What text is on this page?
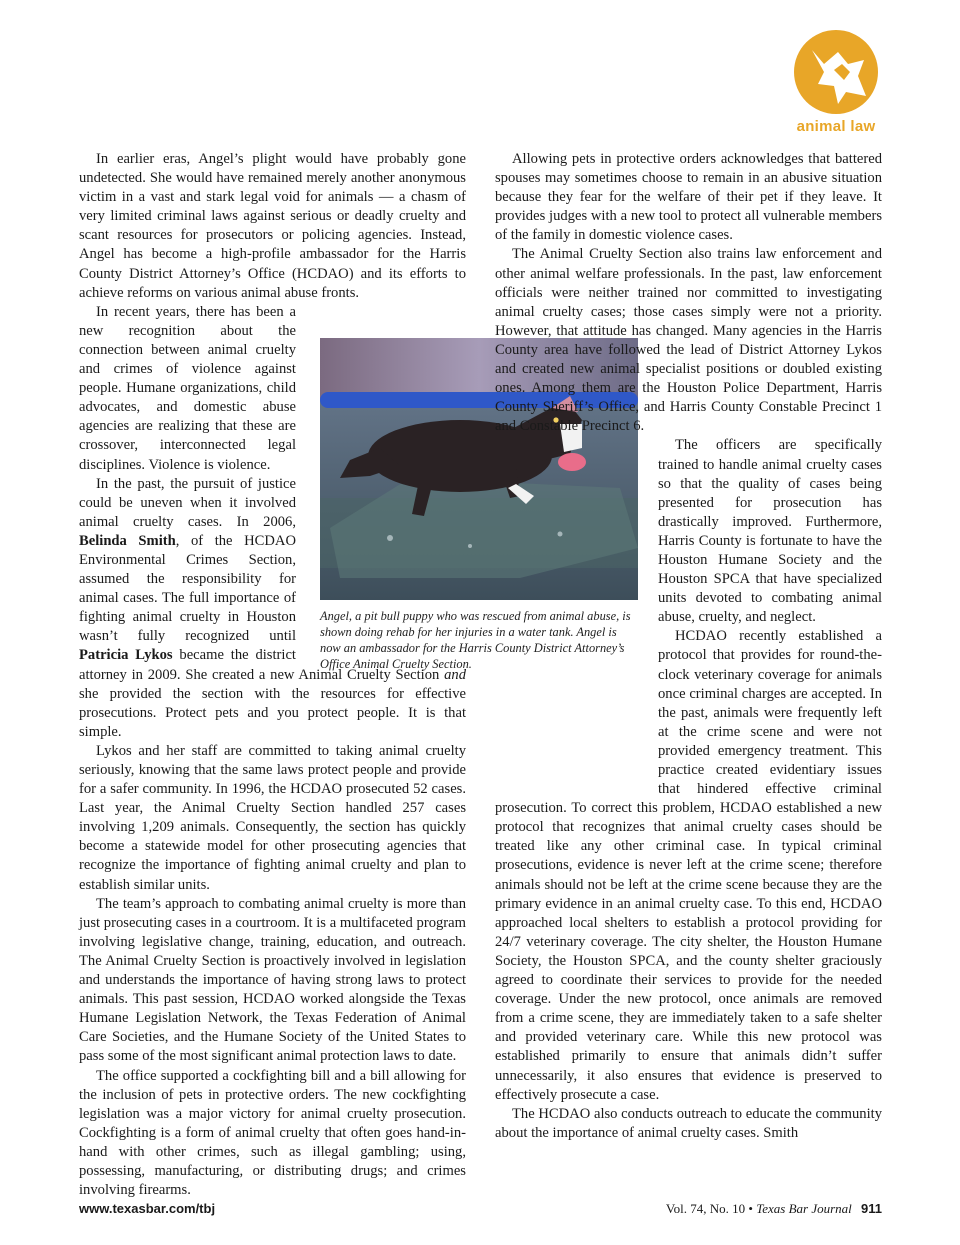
animal law
Angel, a pit bull puppy who was rescued from animal abuse, is shown doing rehab for her injuries in a water tank. Angel is now an ambassador for the Harris County District Attorney’s Office Animal Cruelty Section.

In earlier eras, Angel’s plight would have probably gone undetected. She would have remained merely another anonymous victim in a vast and stark legal void for animals — a chasm of very limited criminal laws against serious or deadly cruelty and scant resources for prosecutors or policing agencies. Instead, Angel has become a high-profile ambassador for the Harris County District Attorney’s Office (HCDAO) and its efforts to achieve reforms on various animal abuse fronts.

In recent years, there has been a new recognition about the connection between animal cruelty and crimes of violence against people. Humane organizations, child advocates, and domestic abuse agencies are realizing that these are crossover, interconnected legal disciplines. Violence is violence.

In the past, the pursuit of justice could be uneven when it involved animal cruelty cases. In 2006, Belinda Smith, of the HCDAO Environmental Crimes Section, assumed the responsibility for animal cases. The full importance of fighting animal cruelty in Houston wasn’t fully recognized until Patricia Lykos became the district attorney in 2009. She created a new Animal Cruelty Section and she provided the section with the resources for effective prosecutions. Protect pets and you protect people. It is that simple.

Lykos and her staff are committed to taking animal cruelty seriously, knowing that the same laws protect people and provide for a safer community. In 1996, the HCDAO prosecuted 52 cases. Last year, the Animal Cruelty Section handled 257 cases involving 1,209 animals. Consequently, the section has quickly become a statewide model for other prosecuting agencies that recognize the importance of fighting animal cruelty and plan to establish similar units.

The team’s approach to combating animal cruelty is more than just prosecuting cases in a courtroom. It is a multifaceted program involving legislative change, training, education, and outreach. The Animal Cruelty Section is proactively involved in legislation and understands the importance of having strong laws to protect animals. This past session, HCDAO worked alongside the Texas Humane Legislation Network, the Texas Federation of Animal Care Societies, and the Humane Society of the United States to pass some of the most significant animal protection laws to date.

The office supported a cockfighting bill and a bill allowing for the inclusion of pets in protective orders. The new cockfighting legislation was a major victory for animal cruelty prosecution. Cockfighting is a form of animal cruelty that often goes hand-in-hand with other crimes, such as illegal gambling; using, possessing, manufacturing, or distributing drugs; and crimes involving firearms.

Allowing pets in protective orders acknowledges that battered spouses may sometimes choose to remain in an abusive situation because they fear for the welfare of their pet if they leave. It provides judges with a new tool to protect all vulnerable members of the family in domestic violence cases.

The Animal Cruelty Section also trains law enforcement and other animal welfare professionals. In the past, law enforcement officials were neither trained nor committed to investigating animal cruelty cases; those cases simply were not a priority. However, that attitude has changed. Many agencies in the Harris County area have followed the lead of District Attorney Lykos and created new animal specialist positions or doubled existing ones. Among them are the Houston Police Department, Harris County Sheriff’s Office, and Harris County Constable Precinct 1 and Constable Precinct 6.

The officers are specifically trained to handle animal cruelty cases so that the quality of cases being presented for prosecution has drastically improved. Furthermore, Harris County is fortunate to have the Houston Humane Society and the Houston SPCA that have specialized units devoted to combating animal abuse, cruelty, and neglect.

HCDAO recently established a protocol that provides for round-the-clock veterinary coverage for animals once criminal charges are accepted. In the past, animals were frequently left at the crime scene and were not provided emergency treatment. This practice created evidentiary issues that hindered effective criminal prosecution. To correct this problem, HCDAO established a new protocol that recognizes that animal cruelty cases should be treated like any other criminal case. In typical criminal prosecutions, evidence is never left at the crime scene; therefore animals should not be left at the crime scene because they are the primary evidence in an animal cruelty case. To this end, HCDAO approached local shelters to establish a protocol providing for 24/7 veterinary coverage. The city shelter, the Houston Humane Society, the Houston SPCA, and the county shelter graciously agreed to coordinate their services to provide for the needed coverage. Under the new protocol, once animals are removed from a crime scene, they are immediately taken to a safe shelter and provided veterinary care. While this new protocol was established primarily to ensure that animals didn’t suffer unnecessarily, it also ensures that evidence is preserved to effectively prosecute a case.

The HCDAO also conducts outreach to educate the community about the importance of animal cruelty cases. Smith

www.texasbar.com/tbj	Vol. 74, No. 10 • Texas Bar Journal 911
